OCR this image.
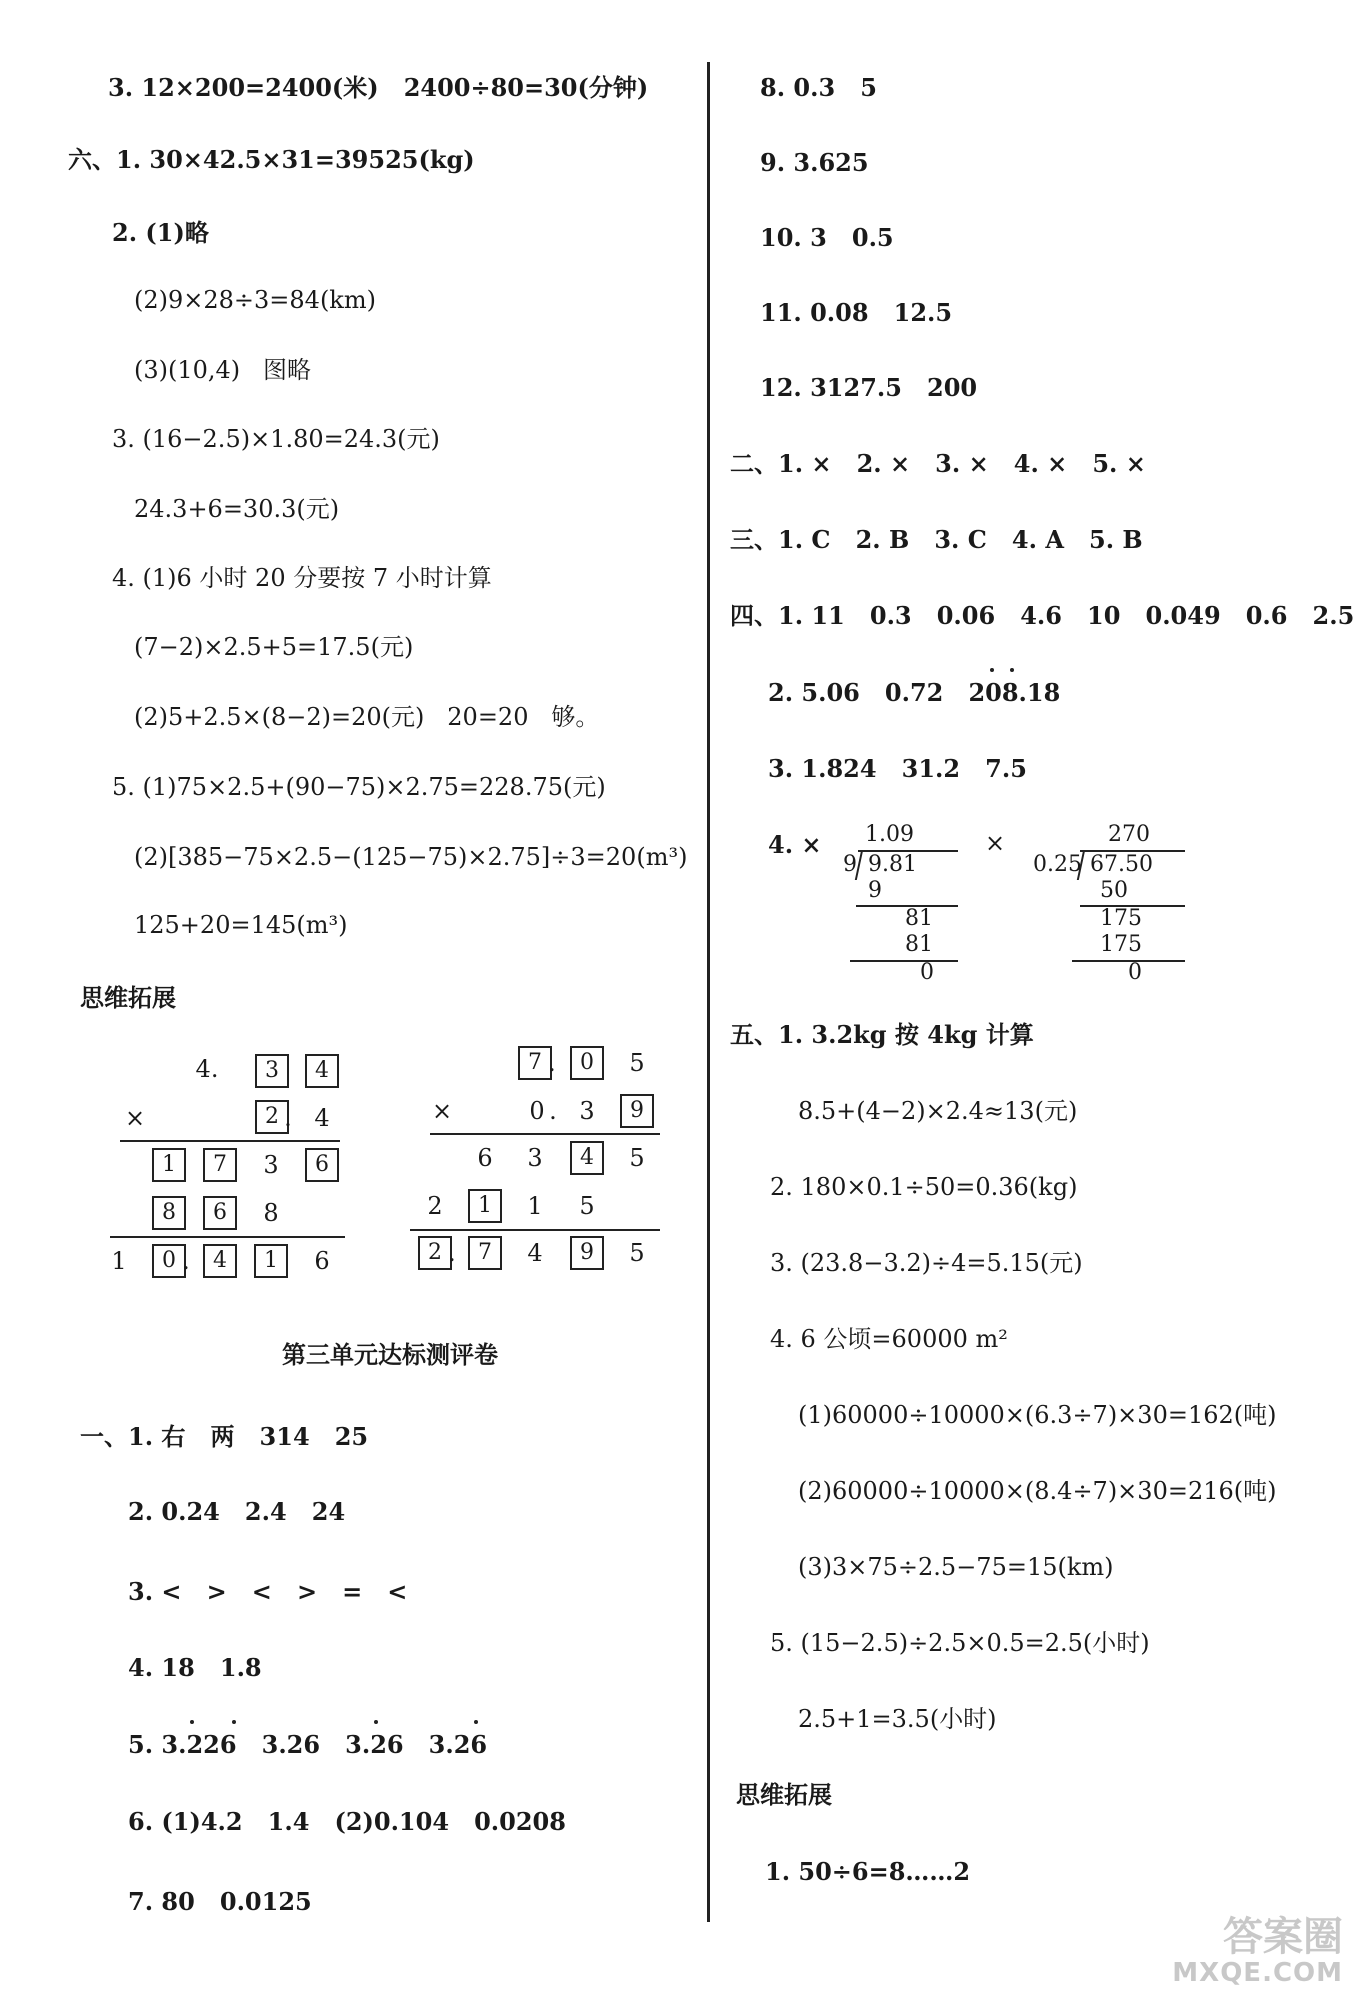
3. 12×200=2400(米)   2400÷80=30(分钟)
六、1. 30×42.5×31=39525(kg)
2. (1)略
(2)9×28÷3=84(km)
(3)(10,4)   图略
3. (16−2.5)×1.80=24.3(元)
24.3+6=30.3(元)
4. (1)6 小时 20 分要按 7 小时计算
(7−2)×2.5+5=17.5(元)
(2)5+2.5×(8−2)=20(元)   20=20   够。
5. (1)75×2.5+(90−75)×2.75=228.75(元)
(2)[385−75×2.5−(125−75)×2.75]÷3=20(m³)
125+20=145(m³)
思维拓展
4.	3	4
×	2 . 4
1	7	3	6
8	6	8
1	0 .	4	1	6
7 .	0	5
×	0 . 3	9
6	3	4	5
2	1	1	5
2 .	7	4	9	5
第三单元达标测评卷
一、1. 右   两   314   25
2. 0.24   2.4   24
3. <   >   <   >   =   <
4. 18   1.8
5. 3.226   3.26   3.26   3.26
6. (1)4.2   1.4   (2)0.104   0.0208
7. 80   0.0125
8. 0.3   5
9. 3.625
10. 3   0.5
11. 0.08   12.5
12. 3127.5   200
二、1. ×   2. ×   3. ×   4. ×   5. ×
三、1. C   2. B   3. C   4. A   5. B
四、1. 11   0.3   0.06   4.6   10   0.049   0.6   2.5
2. 5.06   0.72   208.18
3. 1.824   31.2   7.5
4. ×	×
1.09
9 9.81
9
81
81
0
270
0.25 67.50
50
175
175
0
五、1. 3.2kg 按 4kg 计算
8.5+(4−2)×2.4≈13(元)
2. 180×0.1÷50=0.36(kg)
3. (23.8−3.2)÷4=5.15(元)
4. 6 公顷=60000 m²
(1)60000÷10000×(6.3÷7)×30=162(吨)
(2)60000÷10000×(8.4÷7)×30=216(吨)
(3)3×75÷2.5−75=15(km)
5. (15−2.5)÷2.5×0.5=2.5(小时)
2.5+1=3.5(小时)
思维拓展
1. 50÷6=8……2
答案圈
MXQE.COM
